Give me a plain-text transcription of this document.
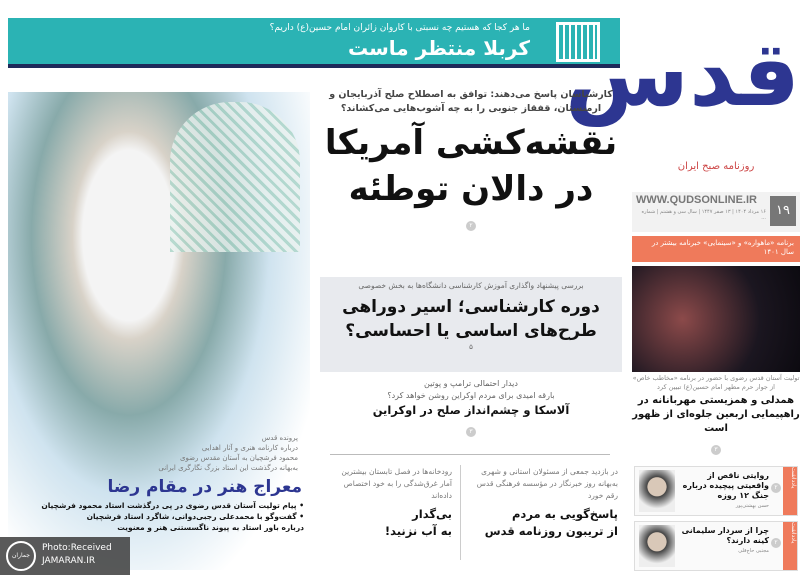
ما هر کجا که هستیم چه نسبتی با کاروان زائران امام حسین(ع) داریم؟
کربلا منتظر ماست قدس
روزنامه صبح ایران
WWW.QUDSONLINE.IR
۱۶ مرداد ۱۴۰۴ | ۱۳ صفر ۱۴۴۷ | سال سی و هشتم | شماره ... ۱۹
برنامه «ماهواره» و «سینمایی» خبرنامه بیشتر در سال ۱۴۰۱
تولیت آستان قدس رضوی با حضور در برنامه «مخاطب خاص» از جوار حرم مطهر امام حسین(ع) تبیین کرد
همدلی و همزیستی مهربانانه در راهپیمایی اربعین جلوه‌ای از ظهور است
۳
یادداشت
۲
روایتی ناقص از واقعیتی پیچیده درباره جنگ ۱۲ روزه
حسن بهشتی‌پور
یادداشت
۲
چرا از سردار سلیمانی کینه دارند؟
مجتبی حاج‌قلی
کارشناسان پاسخ می‌دهند: توافق به اصطلاح صلح آذربایجان و ارمنستان، قفقاز جنوبی را به چه آشوب‌هایی می‌کشاند؟
نقشه‌کشی آمریکا
در دالان توطئه
۲
بررسی پیشنهاد واگذاری آموزش کارشناسی دانشگاه‌ها به بخش خصوصی
دوره کارشناسی؛ اسیر دوراهی
طرح‌های اساسی یا احساسی؟
۵
دیدار احتمالی ترامپ و پوتین
بارقه امیدی برای مردم اوکراین روشن خواهد کرد؟
آلاسکا و چشم‌انداز صلح در اوکراین
۳
در بازدید جمعی از مسئولان استانی و شهری به‌بهانه روز خبرنگار در مؤسسه فرهنگی قدس رقم خورد
پاسخ‌گویی به مردم
از تریبون روزنامه قدس
رودخانه‌ها در فصل تابستان بیشترین آمار غرق‌شدگی را به خود اختصاص داده‌اند
بی‌گدار
به آب نزنید!
پرونده قدس
درباره کارنامه هنری و آثار اهدایی
محمود فرشچیان به آستان مقدس رضوی
به‌بهانه درگذشت این استاد بزرگ نگارگری ایرانی
معراج هنر در مقام رضا
• پیام تولیت آستان قدس رضوی در پی درگذشت استاد محمود فرشچیان
• گفت‌وگو با محمدعلی رجبی‌دوانی، شاگرد استاد فرشچیان
درباره باور استاد به پیوند ناگسستنی هنر و معنویت
جماران
Photo:Received
JAMARAN.IR
